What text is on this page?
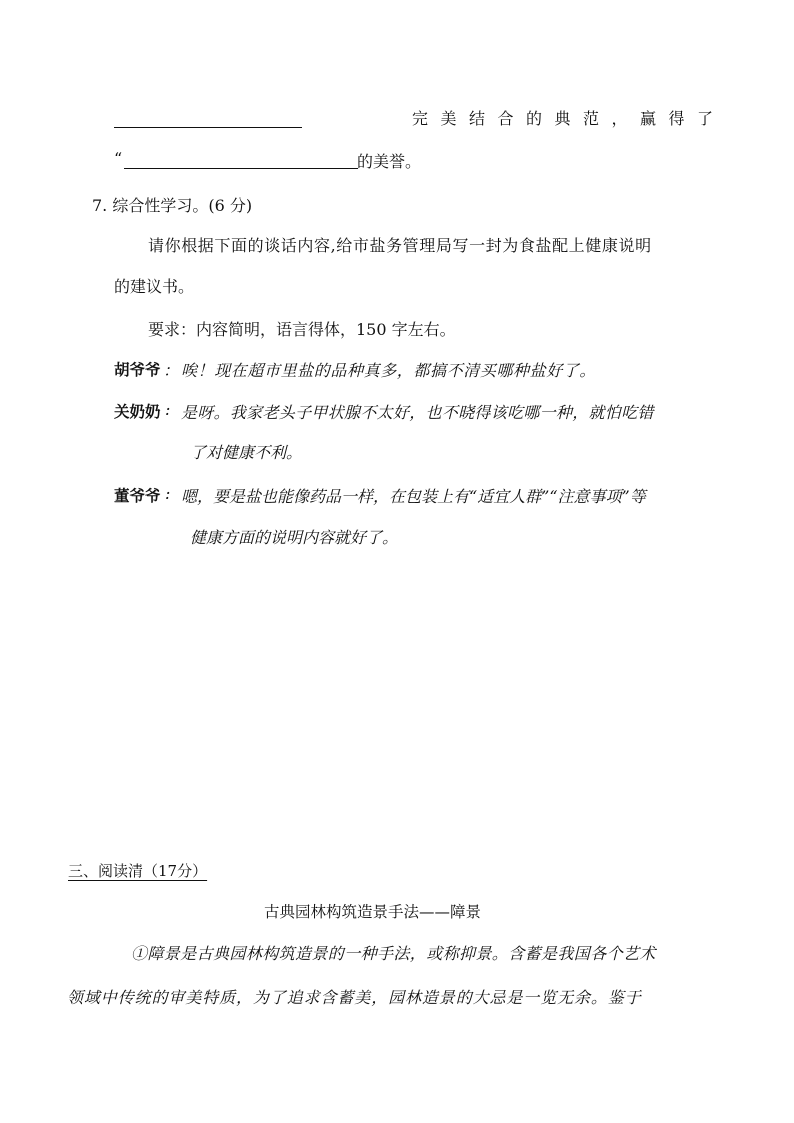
完美结合的典范，赢得了
“	的美誉。
7. 综合性学习。(6 分)
请你根据下面的谈话内容,给市盐务管理局写一封为食盐配上健康说明
的建议书。
要求：内容简明，语言得体，150 字左右。
胡爷爷 ： 唉！现在超市里盐的品种真多，都搞不清买哪种盐好了。
关奶奶 : 是呀。我家老头子甲状腺不太好，也不晓得该吃哪一种，就怕吃错
了对健康不利。
董爷爷 : 嗯，要是盐也能像药品一样，在包装上有“适宜人群”“注意事项”等
健康方面的说明内容就好了。
三、阅读清（17分）
古典园林构筑造景手法——障景
①障景是古典园林构筑造景的一种手法，或称抑景。含蓄是我国各个艺术
领域中传统的审美特质，为了追求含蓄美，园林造景的大忌是一览无余。鉴于
